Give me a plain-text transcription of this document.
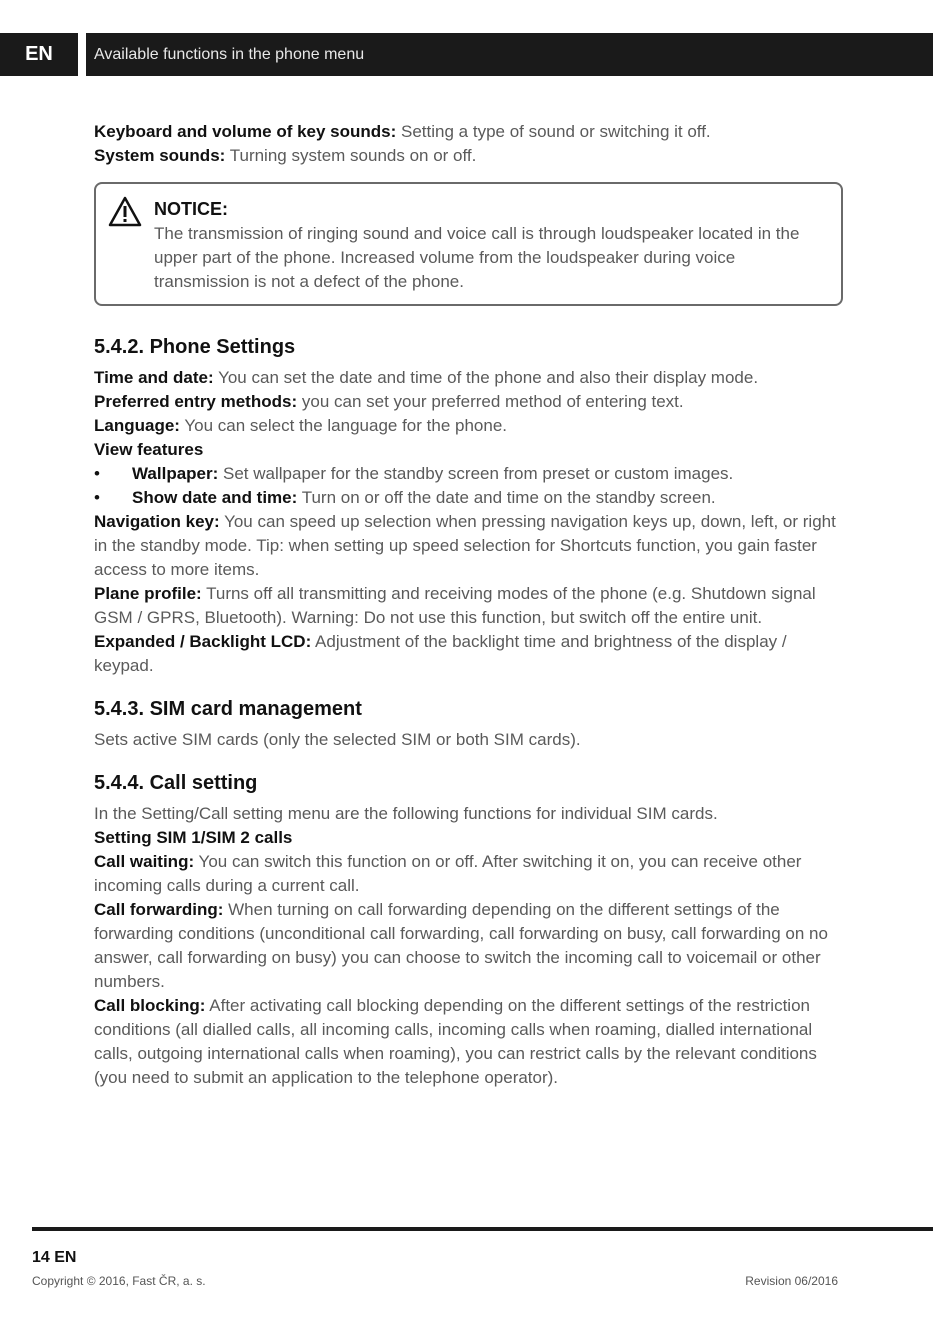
EN	Available functions in the phone menu

Keyboard and volume of key sounds: Setting a type of sound or switching it off.

System sounds: Turning system sounds on or off.

NOTICE:

The transmission of ringing sound and voice call is through loudspeaker located in the upper part of the phone. Increased volume from the loudspeaker during voice transmission is not a defect of the phone.

5.4.2. Phone Settings

Time and date: You can set the date and time of the phone and also their display mode.

Preferred entry methods: you can set your preferred method of entering text.

Language: You can select the language for the phone.

View features

• Wallpaper: Set wallpaper for the standby screen from preset or custom images.

• Show date and time: Turn on or off the date and time on the standby screen.

Navigation key: You can speed up selection when pressing navigation keys up, down, left, or right in the standby mode. Tip: when setting up speed selection for Shortcuts function, you gain faster access to more items.

Plane profile: Turns off all transmitting and receiving modes of the phone (e.g. Shutdown signal GSM / GPRS, Bluetooth). Warning: Do not use this function, but switch off the entire unit.

Expanded / Backlight LCD: Adjustment of the backlight time and brightness of the display / keypad.

5.4.3. SIM card management

Sets active SIM cards (only the selected SIM or both SIM cards).

5.4.4. Call setting

In the Setting/Call setting menu are the following functions for individual SIM cards.

Setting SIM 1/SIM 2 calls

Call waiting: You can switch this function on or off. After switching it on, you can receive other incoming calls during a current call.

Call forwarding: When turning on call forwarding depending on the different settings of the forwarding conditions (unconditional call forwarding, call forwarding on busy, call forwarding on no answer, call forwarding on busy) you can choose to switch the incoming call to voicemail or other numbers.

Call blocking: After activating call blocking depending on the different settings of the restriction conditions (all dialled calls, all incoming calls, incoming calls when roaming, dialled international calls, outgoing international calls when roaming), you can restrict calls by the relevant conditions (you need to submit an application to the telephone operator).

14 EN
Copyright © 2016, Fast ČR, a. s.	Revision 06/2016
